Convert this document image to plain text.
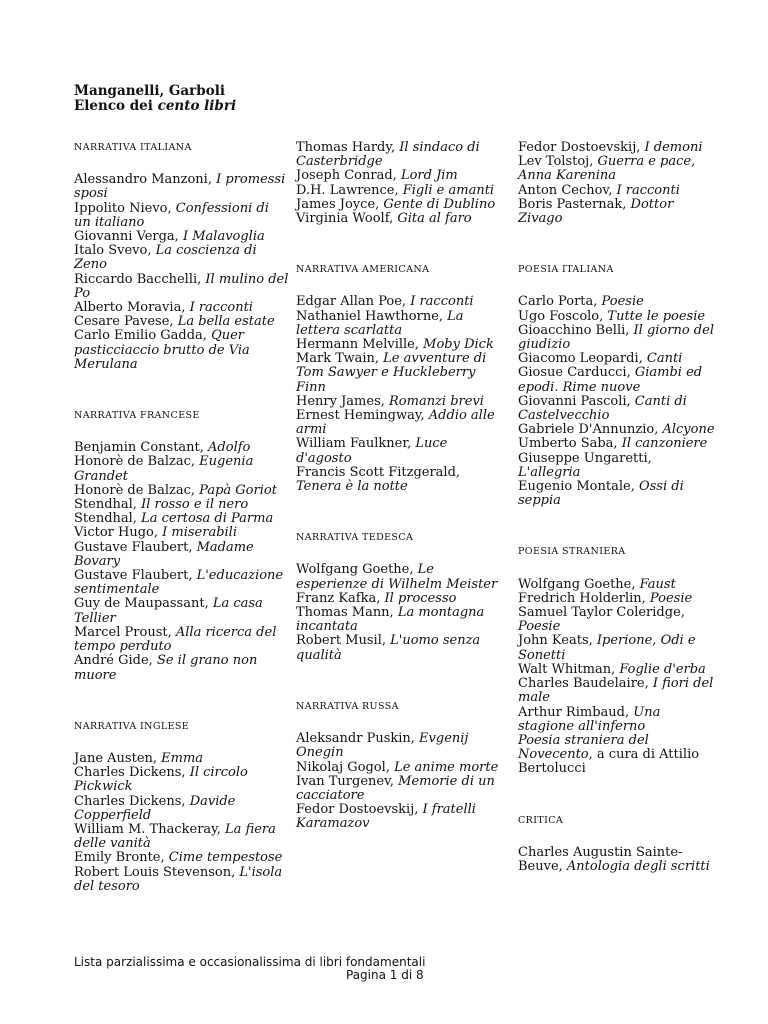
Manganelli, Garboli
Elenco dei cento libri
NARRATIVA ITALIANA
Alessandro Manzoni, I promessi sposi
Ippolito Nievo, Confessioni di un italiano
Giovanni Verga, I Malavoglia
Italo Svevo, La coscienza di Zeno
Riccardo Bacchelli, Il mulino del Po
Alberto Moravia, I racconti
Cesare Pavese, La bella estate
Carlo Emilio Gadda, Quer pasticciaccio brutto de Via Merulana
NARRATIVA FRANCESE
Benjamin Constant, Adolfo
Honorè de Balzac, Eugenia Grandet
Honorè de Balzac, Papà Goriot
Stendhal, Il rosso e il nero
Stendhal, La certosa di Parma
Victor Hugo, I miserabili
Gustave Flaubert, Madame Bovary
Gustave Flaubert, L'educazione sentimentale
Guy de Maupassant, La casa Tellier
Marcel Proust, Alla ricerca del tempo perduto
André Gide, Se il grano non muore
NARRATIVA INGLESE
Jane Austen, Emma
Charles Dickens, Il circolo Pickwick
Charles Dickens, Davide Copperfield
William M. Thackeray, La fiera delle vanità
Emily Bronte, Cime tempestose
Robert Louis Stevenson, L'isola del tesoro
Thomas Hardy, Il sindaco di Casterbridge
Joseph Conrad, Lord Jim
D.H. Lawrence, Figli e amanti
James Joyce, Gente di Dublino
Virginia Woolf, Gita al faro
NARRATIVA AMERICANA
Edgar Allan Poe, I racconti
Nathaniel Hawthorne, La lettera scarlatta
Hermann Melville, Moby Dick
Mark Twain, Le avventure di Tom Sawyer e Huckleberry Finn
Henry James, Romanzi brevi
Ernest Hemingway, Addio alle armi
William Faulkner, Luce d'agosto
Francis Scott Fitzgerald, Tenera è la notte
NARRATIVA TEDESCA
Wolfgang Goethe, Le esperienze di Wilhelm Meister
Franz Kafka, Il processo
Thomas Mann, La montagna incantata
Robert Musil, L'uomo senza qualità
NARRATIVA RUSSA
Aleksandr Puskin, Evgenij Onegin
Nikolaj Gogol, Le anime morte
Ivan Turgenev, Memorie di un cacciatore
Fedor Dostoevskij, I fratelli Karamazov
Fedor Dostoevskij, I demoni
Lev Tolstoj, Guerra e pace, Anna Karenina
Anton Cechov, I racconti
Boris Pasternak, Dottor Zivago
POESIA ITALIANA
Carlo Porta, Poesie
Ugo Foscolo, Tutte le poesie
Gioacchino Belli, Il giorno del giudizio
Giacomo Leopardi, Canti
Giosue Carducci, Giambi ed epodi. Rime nuove
Giovanni Pascoli, Canti di Castelvecchio
Gabriele D'Annunzio, Alcyone
Umberto Saba, Il canzoniere
Giuseppe Ungaretti, L'allegria
Eugenio Montale, Ossi di seppia
POESIA STRANIERA
Wolfgang Goethe, Faust
Fredrich Holderlin, Poesie
Samuel Taylor Coleridge, Poesie
John Keats, Iperione, Odi e Sonetti
Walt Whitman, Foglie d'erba
Charles Baudelaire, I fiori del male
Arthur Rimbaud, Una stagione all'inferno
Poesia straniera del Novecento, a cura di Attilio Bertolucci
CRITICA
Charles Augustin Sainte-Beuve, Antologia degli scritti
Lista parzialissima e occasionalissima di libri fondamentali
Pagina 1 di 8
